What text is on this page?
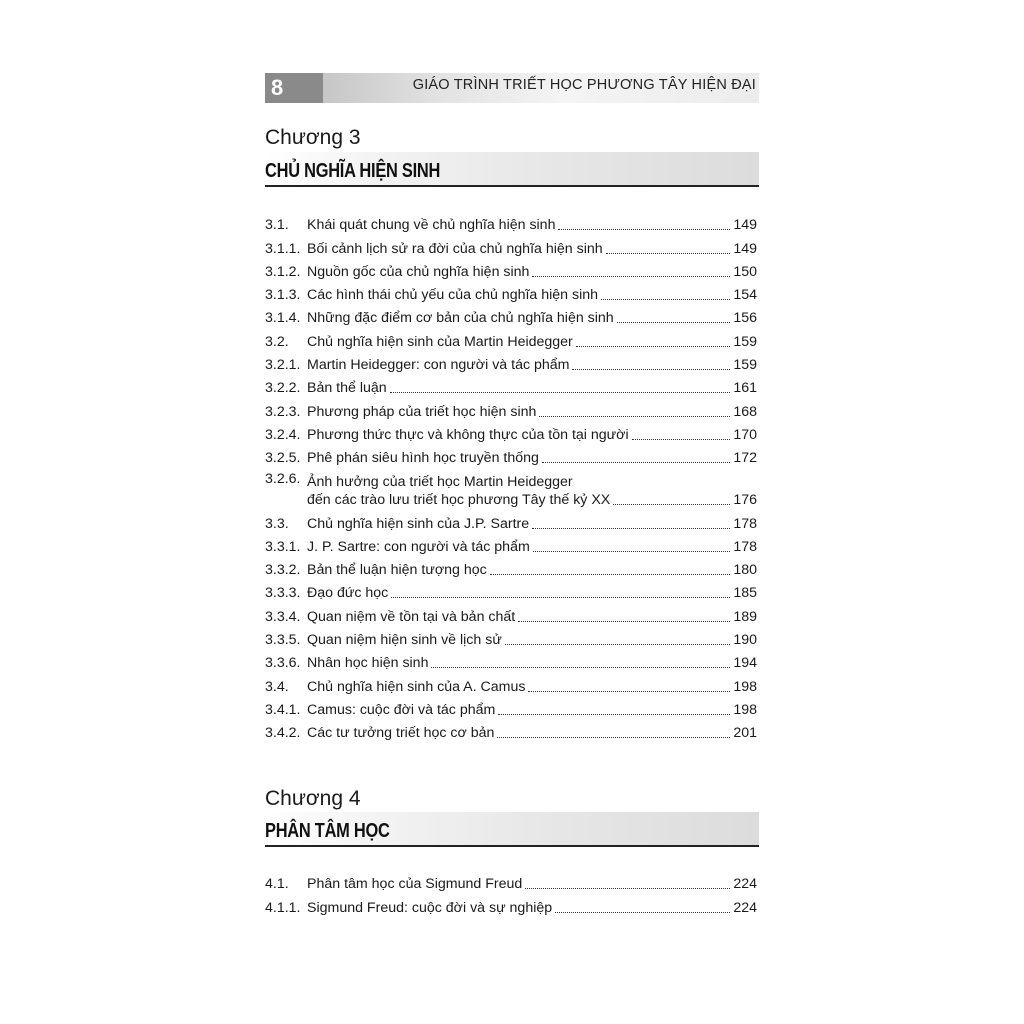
8	GIÁO TRÌNH TRIẾT HỌC PHƯƠNG TÂY HIỆN ĐẠI
Chương 3
CHỦ NGHĨA HIỆN SINH
3.1.	Khái quát chung về chủ nghĩa hiện sinh	149
3.1.1. Bối cảnh lịch sử ra đời của chủ nghĩa hiện sinh	149
3.1.2. Nguồn gốc của chủ nghĩa hiện sinh	150
3.1.3. Các hình thái chủ yếu của chủ nghĩa hiện sinh	154
3.1.4. Những đặc điểm cơ bản của chủ nghĩa hiện sinh	156
3.2.	Chủ nghĩa hiện sinh của Martin Heidegger	159
3.2.1. Martin Heidegger: con người và tác phẩm	159
3.2.2. Bản thể luận	161
3.2.3. Phương pháp của triết học hiện sinh	168
3.2.4. Phương thức thực và không thực của tồn tại người	170
3.2.5. Phê phán siêu hình học truyền thống	172
3.2.6. Ảnh hưởng của triết học Martin Heidegger
đến các trào lưu triết học phương Tây thế kỷ XX	176
3.3.	Chủ nghĩa hiện sinh của J.P. Sartre	178
3.3.1. J. P. Sartre: con người và tác phẩm	178
3.3.2. Bản thể luận hiện tượng học	180
3.3.3. Đạo đức học	185
3.3.4. Quan niệm về tồn tại và bản chất	189
3.3.5. Quan niệm hiện sinh về lịch sử	190
3.3.6. Nhân học hiện sinh	194
3.4.	Chủ nghĩa hiện sinh của A. Camus	198
3.4.1. Camus: cuộc đời và tác phẩm	198
3.4.2. Các tư tưởng triết học cơ bản	201
Chương 4
PHÂN TÂM HỌC
4.1.	Phân tâm học của Sigmund Freud	224
4.1.1. Sigmund Freud: cuộc đời và sự nghiệp	224
